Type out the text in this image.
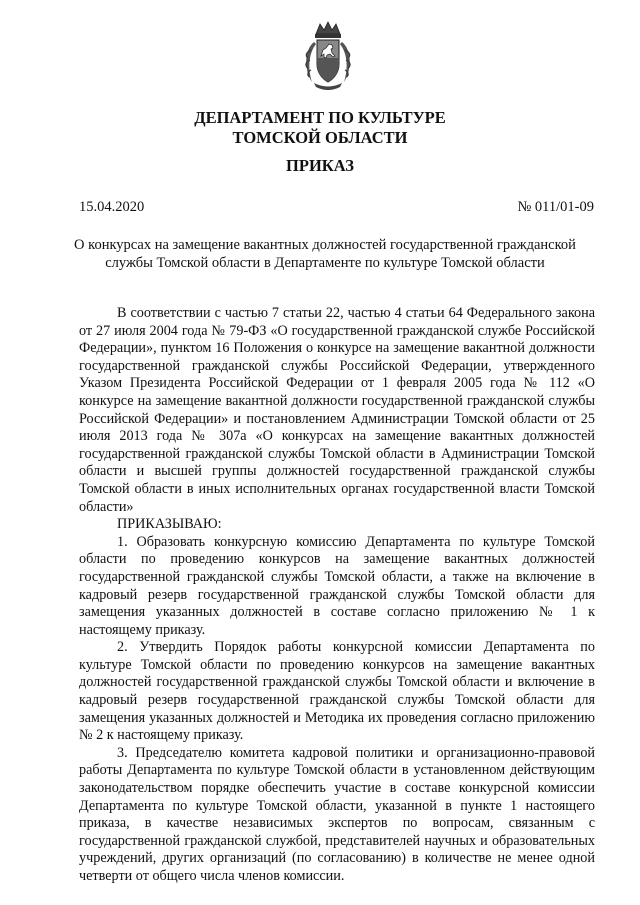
ДЕПАРТАМЕНТ ПО КУЛЬТУРЕ
ТОМСКОЙ ОБЛАСТИ
ПРИКАЗ
15.04.2020	№ 011/01-09
О конкурсах на замещение вакантных должностей государственной гражданской службы Томской области в Департаменте по культуре Томской области

В соответствии с частью 7 статьи 22, частью 4 статьи 64 Федерального закона от 27 июля 2004 года № 79-ФЗ «О государственной гражданской службе Российской Федерации», пунктом 16 Положения о конкурсе на замещение вакантной должности государственной гражданской службы Российской Федерации, утвержденного Указом Президента Российской Федерации от 1 февраля 2005 года № 112 «О конкурсе на замещение вакантной должности государственной гражданской службы Российской Федерации» и постановлением Администрации Томской области от 25 июля 2013 года № 307а «О конкурсах на замещение вакантных должностей государственной гражданской службы Томской области в Администрации Томской области и высшей группы должностей государственной гражданской службы Томской области в иных исполнительных органах государственной власти Томской области»

ПРИКАЗЫВАЮ:

1. Образовать конкурсную комиссию Департамента по культуре Томской области по проведению конкурсов на замещение вакантных должностей государственной гражданской службы Томской области, а также на включение в кадровый резерв государственной гражданской службы Томской области для замещения указанных должностей в составе согласно приложению № 1 к настоящему приказу.

2. Утвердить Порядок работы конкурсной комиссии Департамента по культуре Томской области по проведению конкурсов на замещение вакантных должностей государственной гражданской службы Томской области и включение в кадровый резерв государственной гражданской службы Томской области для замещения указанных должностей и Методика их проведения согласно приложению № 2 к настоящему приказу.

3. Председателю комитета кадровой политики и организационно-правовой работы Департамента по культуре Томской области в установленном действующим законодательством порядке обеспечить участие в составе конкурсной комиссии Департамента по культуре Томской области, указанной в пункте 1 настоящего приказа, в качестве независимых экспертов по вопросам, связанным с государственной гражданской службой, представителей научных и образовательных учреждений, других организаций (по согласованию) в количестве не менее одной четверти от общего числа членов комиссии.
